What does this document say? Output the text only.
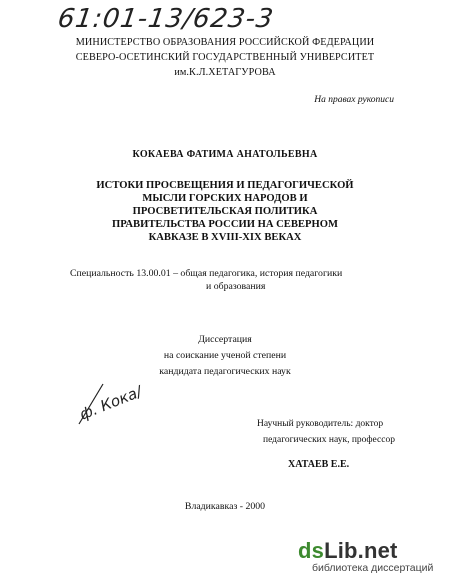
61:01-13/623-3
МИНИСТЕРСТВО ОБРАЗОВАНИЯ РОССИЙСКОЙ ФЕДЕРАЦИИ
СЕВЕРО-ОСЕТИНСКИЙ ГОСУДАРСТВЕННЫЙ УНИВЕРСИТЕТ
им.К.Л.ХЕТАГУРОВА
На правах рукописи
КОКАЕВА ФАТИМА АНАТОЛЬЕВНА
ИСТОКИ ПРОСВЕЩЕНИЯ И ПЕДАГОГИЧЕСКОЙ
МЫСЛИ ГОРСКИХ НАРОДОВ И
ПРОСВЕТИТЕЛЬСКАЯ ПОЛИТИКА
ПРАВИТЕЛЬСТВА РОССИИ НА СЕВЕРНОМ
КАВКАЗЕ В XVIII-XIX ВЕКАХ
Специальность 13.00.01 – общая педагогика, история педагогики
и образования
Диссертация
на соискание ученой степени
кандидата педагогических наук
ф. Кока/
Научный руководитель: доктор
педагогических наук, профессор
ХАТАЕВ Е.Е.
Владикавказ - 2000
dsLib.net
библиотека диссертаций
